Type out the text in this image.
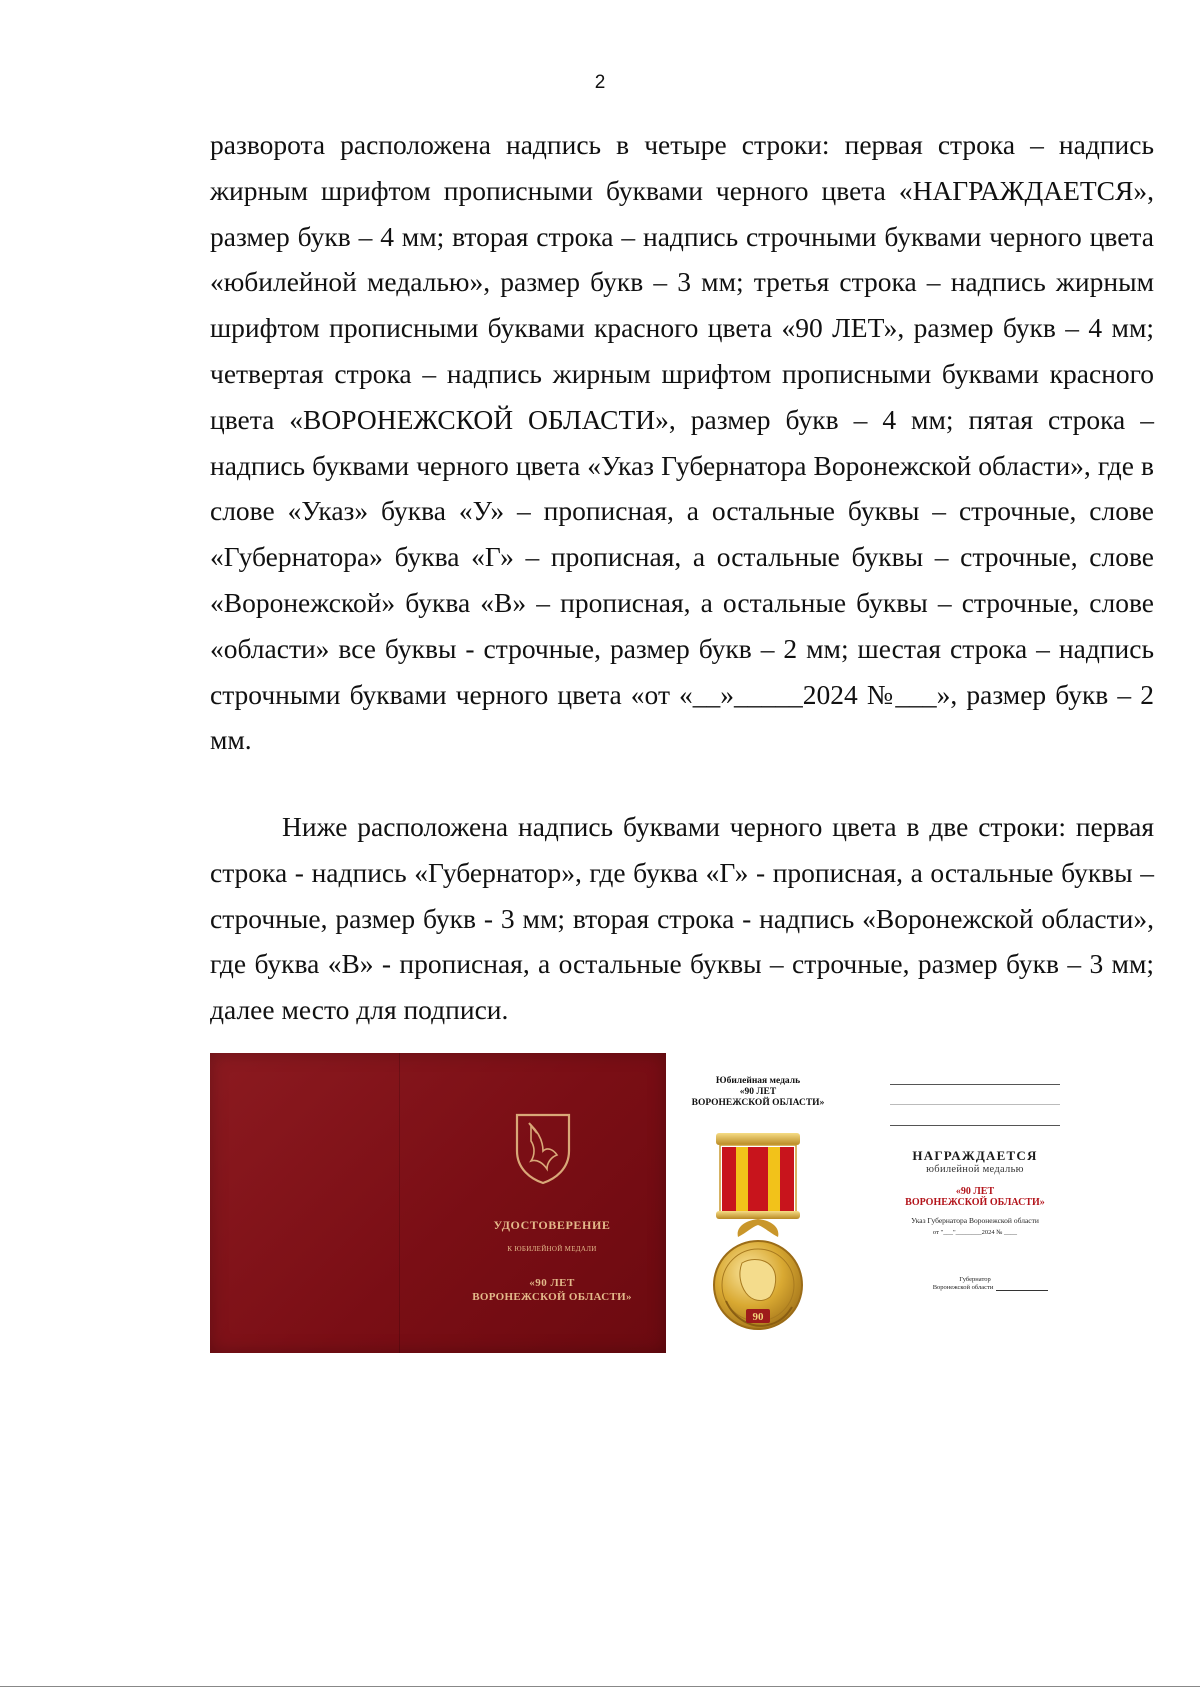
2

разворота расположена надпись в четыре строки: первая строка – надпись жирным шрифтом прописными буквами черного цвета «НАГРАЖДАЕТСЯ», размер букв – 4 мм; вторая строка – надпись строчными буквами черного цвета «юбилейной медалью», размер букв – 3 мм; третья строка – надпись жирным шрифтом прописными буквами красного цвета «90 ЛЕТ», размер букв – 4 мм; четвертая строка – надпись жирным шрифтом прописными буквами красного цвета «ВОРОНЕЖСКОЙ ОБЛАСТИ», размер букв – 4 мм; пятая строка – надпись буквами черного цвета «Указ Губернатора Воронежской области», где в слове «Указ» буква «У» – прописная, а остальные буквы – строчные, слове «Губернатора» буква «Г» – прописная, а остальные буквы – строчные, слове «Воронежской» буква «В» – прописная, а остальные буквы – строчные, слове «области» все буквы - строчные, размер букв – 2 мм; шестая строка – надпись строчными буквами черного цвета «от «__»_____2024 №___», размер букв – 2 мм.

Ниже расположена надпись буквами черного цвета в две строки: первая строка - надпись «Губернатор», где буква «Г» - прописная, а остальные буквы – строчные, размер букв - 3 мм; вторая строка - надпись «Воронежской области», где буква «В» - прописная, а остальные буквы – строчные, размер букв – 3 мм; далее место для подписи.

УДОСТОВЕРЕНИЕ
К ЮБИЛЕЙНОЙ МЕДАЛИ
«90 ЛЕТ
ВОРОНЕЖСКОЙ ОБЛАСТИ»
Юбилейная медаль
«90 ЛЕТ
ВОРОНЕЖСКОЙ ОБЛАСТИ»
90
НАГРАЖДАЕТСЯ
юбилейной медалью
«90 ЛЕТ
ВОРОНЕЖСКОЙ ОБЛАСТИ»
Указ Губернатора Воронежской области
от "___"________2024 № ____
Губернатор
Воронежской области
